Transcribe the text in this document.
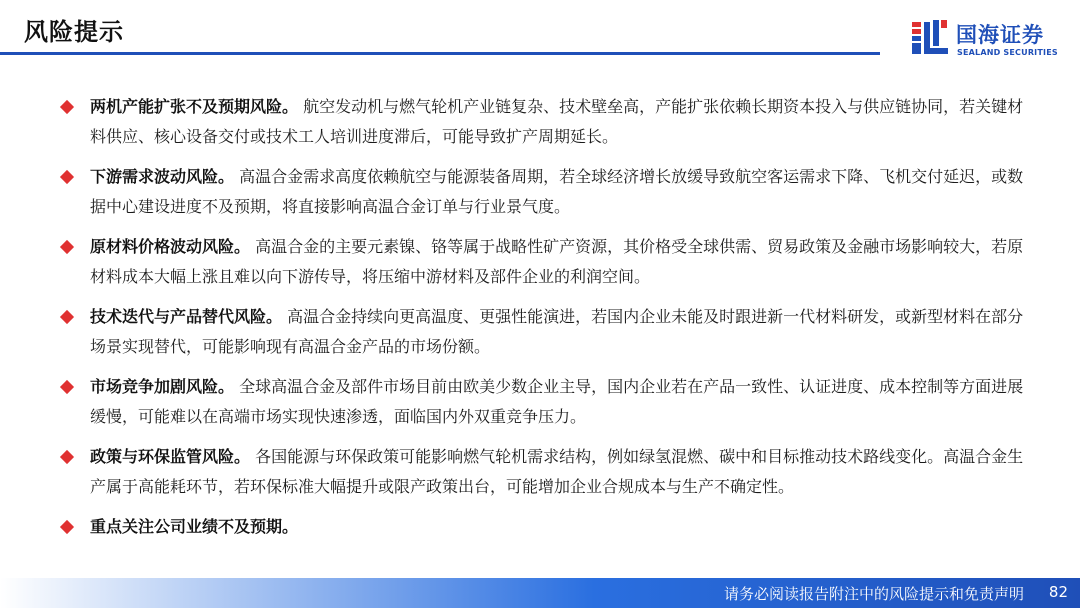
风险提示	国海证券
SEALAND SECURITIES
两机产能扩张不及预期风险。 航空发动机与燃气轮机产业链复杂、技术壁垒高，产能扩张依赖长期资本投入与供应链协同，若关键材料供应、核心设备交付或技术工人培训进度滞后，可能导致扩产周期延长。
下游需求波动风险。 高温合金需求高度依赖航空与能源装备周期，若全球经济增长放缓导致航空客运需求下降、飞机交付延迟，或数据中心建设进度不及预期，将直接影响高温合金订单与行业景气度。
原材料价格波动风险。 高温合金的主要元素镍、铬等属于战略性矿产资源，其价格受全球供需、贸易政策及金融市场影响较大，若原材料成本大幅上涨且难以向下游传导，将压缩中游材料及部件企业的利润空间。
技术迭代与产品替代风险。 高温合金持续向更高温度、更强性能演进，若国内企业未能及时跟进新一代材料研发，或新型材料在部分场景实现替代，可能影响现有高温合金产品的市场份额。
市场竞争加剧风险。 全球高温合金及部件市场目前由欧美少数企业主导，国内企业若在产品一致性、认证进度、成本控制等方面进展缓慢，可能难以在高端市场实现快速渗透，面临国内外双重竞争压力。
政策与环保监管风险。 各国能源与环保政策可能影响燃气轮机需求结构，例如绿氢混燃、碳中和目标推动技术路线变化。高温合金生产属于高能耗环节，若环保标准大幅提升或限产政策出台，可能增加企业合规成本与生产不确定性。
重点关注公司业绩不及预期。
请务必阅读报告附注中的风险提示和免责声明 82
